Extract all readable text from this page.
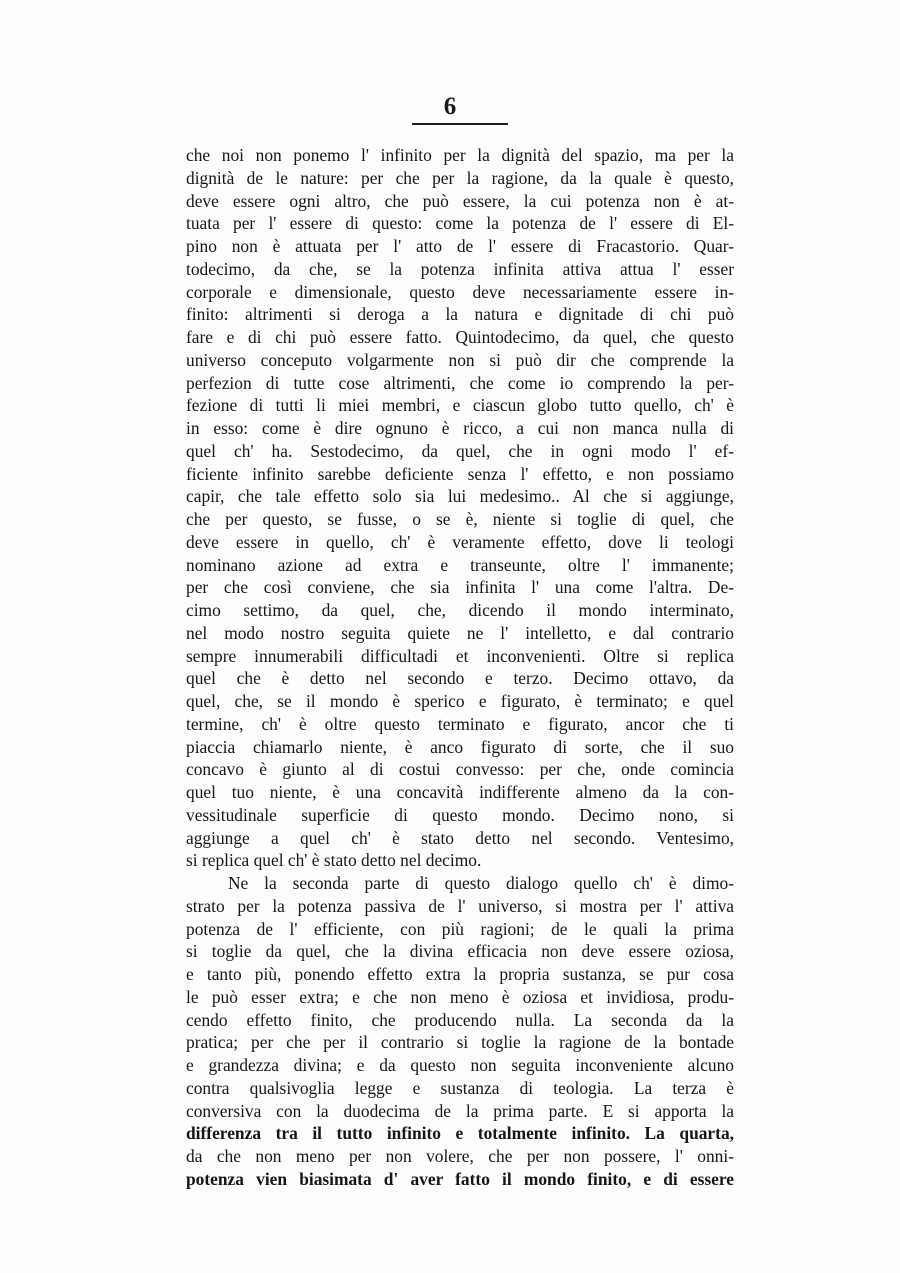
6
che noi non ponemo l' infinito per la dignità del spazio, ma per la
dignità de le nature: per che per la ragione, da la quale è questo,
deve essere ogni altro, che può essere, la cui potenza non è at-
tuata per l' essere di questo: come la potenza de l' essere di El-
pino non è attuata per l' atto de l' essere di Fracastorio. Quar-
todecimo, da che, se la potenza infinita attiva attua l' esser
corporale e dimensionale, questo deve necessariamente essere in-
finito: altrimenti si deroga a la natura e dignitade di chi può
fare e di chi può essere fatto. Quintodecimo, da quel, che questo
universo conceputo volgarmente non si può dir che comprende la
perfezion di tutte cose altrimenti, che come io comprendo la per-
fezione di tutti li miei membri, e ciascun globo tutto quello, ch' è
in esso: come è dire ognuno è ricco, a cui non manca nulla di
quel ch' ha. Sestodecimo, da quel, che in ogni modo l' ef-
ficiente infinito sarebbe deficiente senza l' effetto, e non possiamo
capir, che tale effetto solo sia lui medesimo.. Al che si aggiunge,
che per questo, se fusse, o se è, niente si toglie di quel, che
deve essere in quello, ch' è veramente effetto, dove li teologi
nominano azione ad extra e transeunte, oltre l' immanente;
per che così conviene, che sia infinita l' una come l'altra. De-
cimo settimo, da quel, che, dicendo il mondo interminato,
nel modo nostro seguita quiete ne l' intelletto, e dal contrario
sempre innumerabili difficultadi et inconvenienti. Oltre si replica
quel che è detto nel secondo e terzo. Decimo ottavo, da
quel, che, se il mondo è sperico e figurato, è terminato; e quel
termine, ch' è oltre questo terminato e figurato, ancor che ti
piaccia chiamarlo niente, è anco figurato di sorte, che il suo
concavo è giunto al di costui convesso: per che, onde comincia
quel tuo niente, è una concavità indifferente almeno da la con-
vessitudinale superficie di questo mondo. Decimo nono, si
aggiunge a quel ch' è stato detto nel secondo. Ventesimo,
si replica quel ch' è stato detto nel decimo.
Ne la seconda parte di questo dialogo quello ch' è dimo-
strato per la potenza passiva de l' universo, si mostra per l' attiva
potenza de l' efficiente, con più ragioni; de le quali la prima
si toglie da quel, che la divina efficacia non deve essere oziosa,
e tanto più, ponendo effetto extra la propria sustanza, se pur cosa
le può esser extra; e che non meno è oziosa et invidiosa, produ-
cendo effetto finito, che producendo nulla. La seconda da la
pratica; per che per il contrario si toglie la ragione de la bontade
e grandezza divina; e da questo non seguita inconveniente alcuno
contra qualsivoglia legge e sustanza di teologia. La terza è
conversiva con la duodecima de la prima parte. E si apporta la
differenza tra il tutto infinito e totalmente infinito. La quarta,
da che non meno per non volere, che per non possere, l' onni-
potenza vien biasimata d' aver fatto il mondo finito, e di essere
